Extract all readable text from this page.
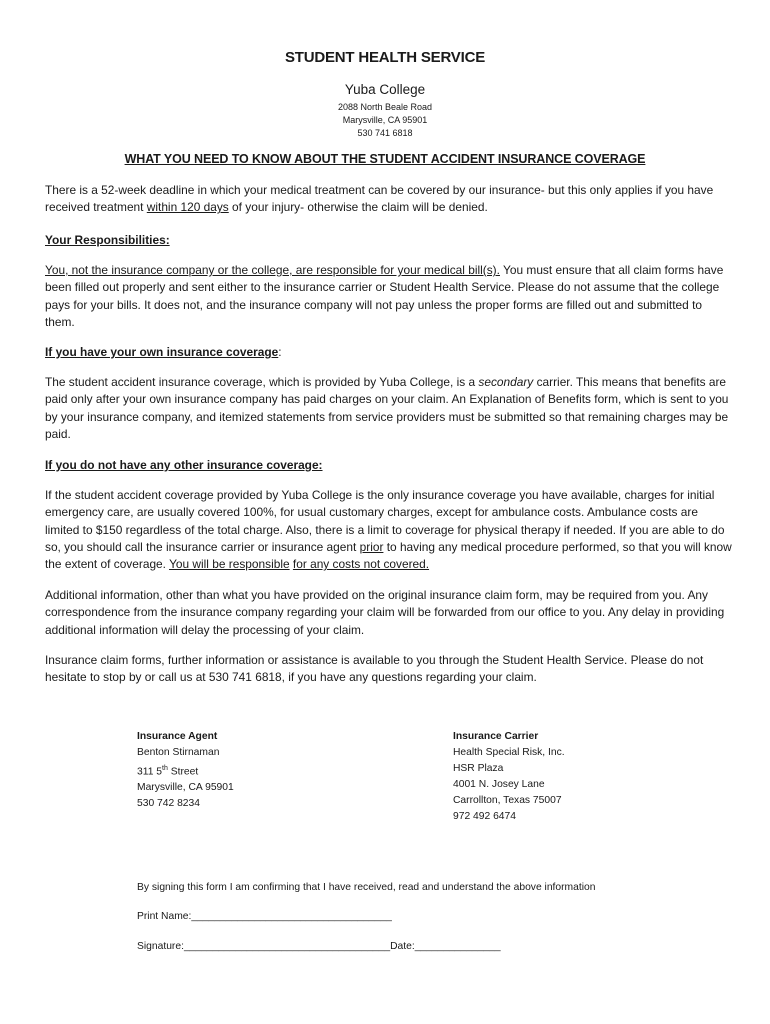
STUDENT HEALTH SERVICE
Yuba College
2088 North Beale Road
Marysville, CA 95901
530 741 6818
WHAT YOU NEED TO KNOW ABOUT THE STUDENT ACCIDENT INSURANCE COVERAGE
There is a 52-week deadline in which your medical treatment can be covered by our insurance- but this only applies if you have received treatment within 120 days of your injury- otherwise the claim will be denied.
Your Responsibilities:
You, not the insurance company or the college, are responsible for your medical bill(s). You must ensure that all claim forms have been filled out properly and sent either to the insurance carrier or Student Health Service. Please do not assume that the college pays for your bills. It does not, and the insurance company will not pay unless the proper forms are filled out and submitted to them.
If you have your own insurance coverage:
The student accident insurance coverage, which is provided by Yuba College, is a secondary carrier. This means that benefits are paid only after your own insurance company has paid charges on your claim. An Explanation of Benefits form, which is sent to you by your insurance company, and itemized statements from service providers must be submitted so that remaining charges may be paid.
If you do not have any other insurance coverage:
If the student accident coverage provided by Yuba College is the only insurance coverage you have available, charges for initial emergency care, are usually covered 100%, for usual customary charges, except for ambulance costs. Ambulance costs are limited to $150 regardless of the total charge. Also, there is a limit to coverage for physical therapy if needed. If you are able to do so, you should call the insurance carrier or insurance agent prior to having any medical procedure performed, so that you will know the extent of coverage. You will be responsible for any costs not covered.
Additional information, other than what you have provided on the original insurance claim form, may be required from you. Any correspondence from the insurance company regarding your claim will be forwarded from our office to you. Any delay in providing additional information will delay the processing of your claim.
Insurance claim forms, further information or assistance is available to you through the Student Health Service. Please do not hesitate to stop by or call us at 530 741 6818, if you have any questions regarding your claim.
Insurance Agent
Benton Stirnaman
311 5th Street
Marysville, CA 95901
530 742 8234
Insurance Carrier
Health Special Risk, Inc.
HSR Plaza
4001 N. Josey Lane
Carrollton, Texas 75007
972 492 6474
By signing this form I am confirming that I have received, read and understand the above information
Print Name:___________________________________
Signature:____________________________________Date:_______________
